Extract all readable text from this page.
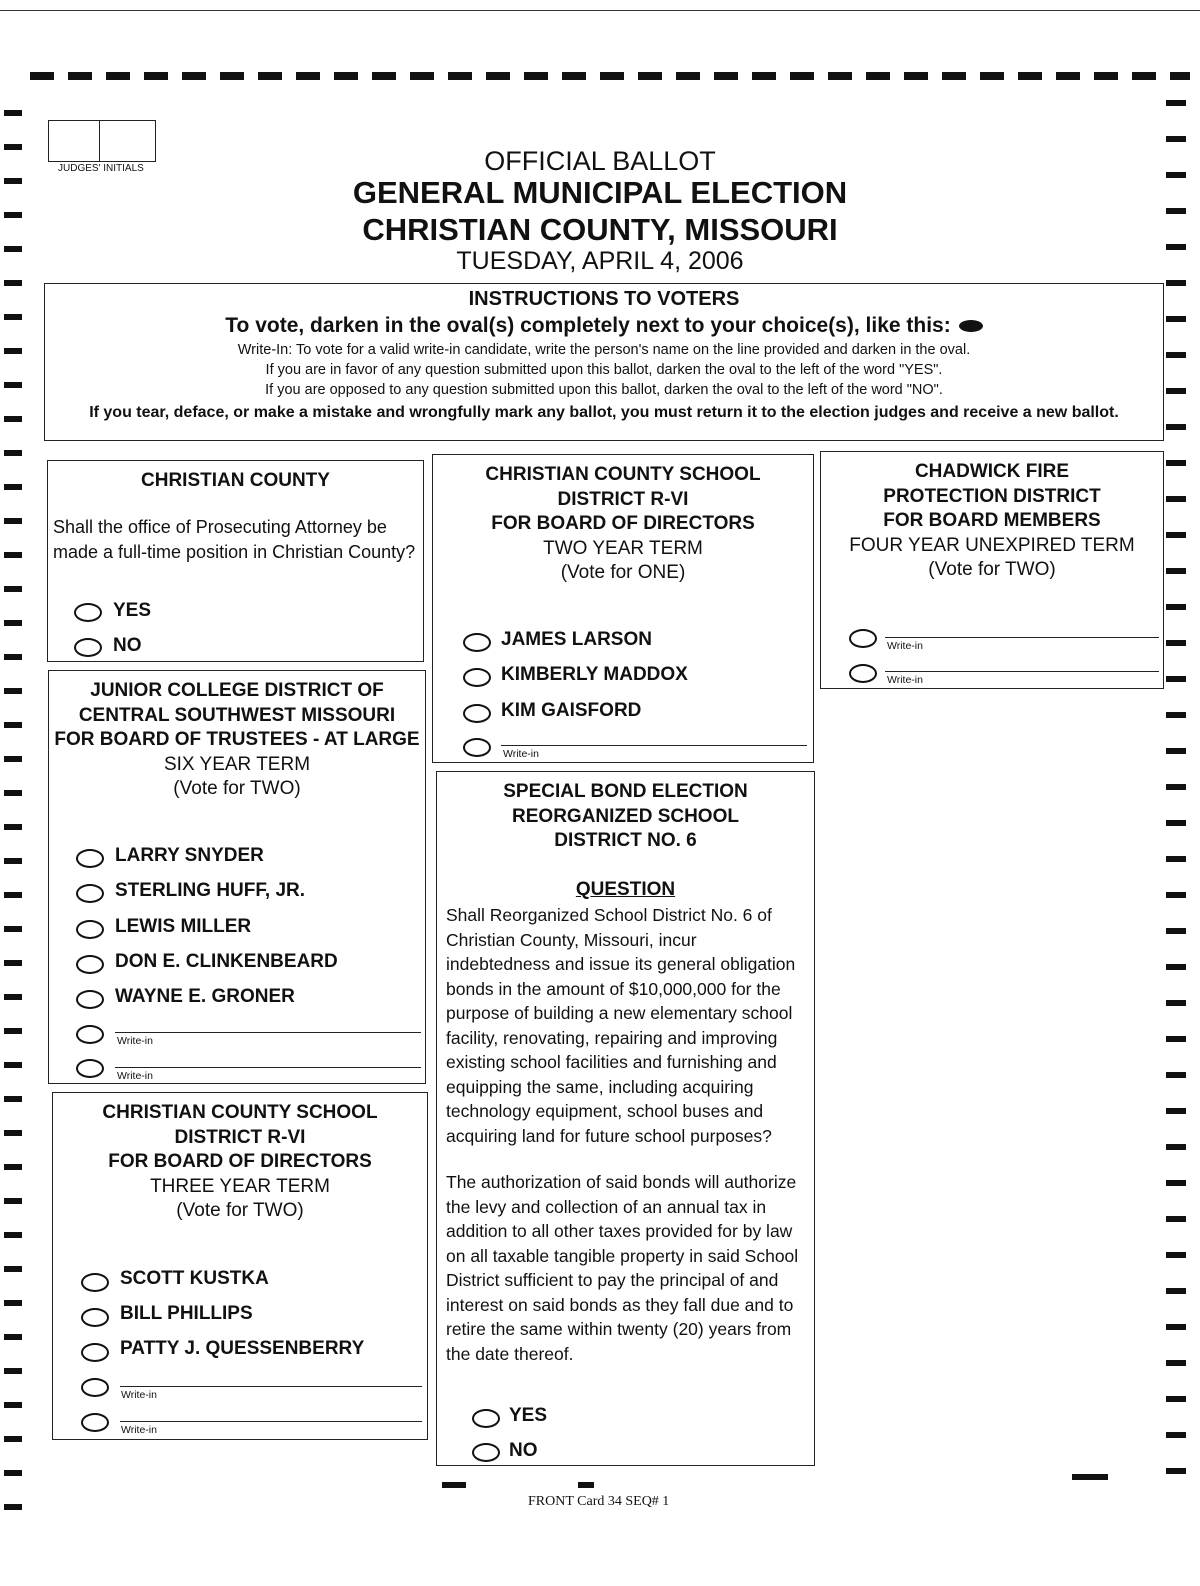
JUDGES' INITIALS	OFFICIAL BALLOT
GENERAL MUNICIPAL ELECTION
CHRISTIAN COUNTY, MISSOURI
TUESDAY, APRIL 4, 2006
INSTRUCTIONS TO VOTERS
To vote, darken in the oval(s) completely next to your choice(s), like this:
Write-In: To vote for a valid write-in candidate, write the person's name on the line provided and darken in the oval.
If you are in favor of any question submitted upon this ballot, darken the oval to the left of the word "YES".
If you are opposed to any question submitted upon this ballot, darken the oval to the left of the word "NO".
If you tear, deface, or make a mistake and wrongfully mark any ballot, you must return it to the election judges and receive a new ballot.
CHRISTIAN COUNTY
Shall the office of Prosecuting Attorney be made a full-time position in Christian County?
YES
NO
JUNIOR COLLEGE DISTRICT OF
CENTRAL SOUTHWEST MISSOURI
FOR BOARD OF TRUSTEES - AT LARGE
SIX YEAR TERM
(Vote for TWO)
LARRY SNYDER
STERLING HUFF, JR.
LEWIS MILLER
DON E. CLINKENBEARD
WAYNE E. GRONER
Write-in
Write-in
CHRISTIAN COUNTY SCHOOL
DISTRICT R-VI
FOR BOARD OF DIRECTORS
THREE YEAR TERM
(Vote for TWO)
SCOTT KUSTKA
BILL PHILLIPS
PATTY J. QUESSENBERRY
Write-in
Write-in
CHRISTIAN COUNTY SCHOOL
DISTRICT R-VI
FOR BOARD OF DIRECTORS
TWO YEAR TERM
(Vote for ONE)
JAMES LARSON
KIMBERLY MADDOX
KIM GAISFORD
Write-in
SPECIAL BOND ELECTION
REORGANIZED SCHOOL
DISTRICT NO. 6
QUESTION
Shall Reorganized School District No. 6 of
Christian County, Missouri, incur
indebtedness and issue its general obligation
bonds in the amount of $10,000,000 for the
purpose of building a new elementary school
facility, renovating, repairing and improving
existing school facilities and furnishing and
equipping the same, including acquiring
technology equipment, school buses and
acquiring land for future school purposes?
The authorization of said bonds will authorize
the levy and collection of an annual tax in
addition to all other taxes provided for by law
on all taxable tangible property in said School
District sufficient to pay the principal of and
interest on said bonds as they fall due and to
retire the same within twenty (20) years from
the date thereof.
YES
NO
CHADWICK FIRE
PROTECTION DISTRICT
FOR BOARD MEMBERS
FOUR YEAR UNEXPIRED TERM
(Vote for TWO)
Write-in
Write-in
FRONT Card 34 SEQ# 1
